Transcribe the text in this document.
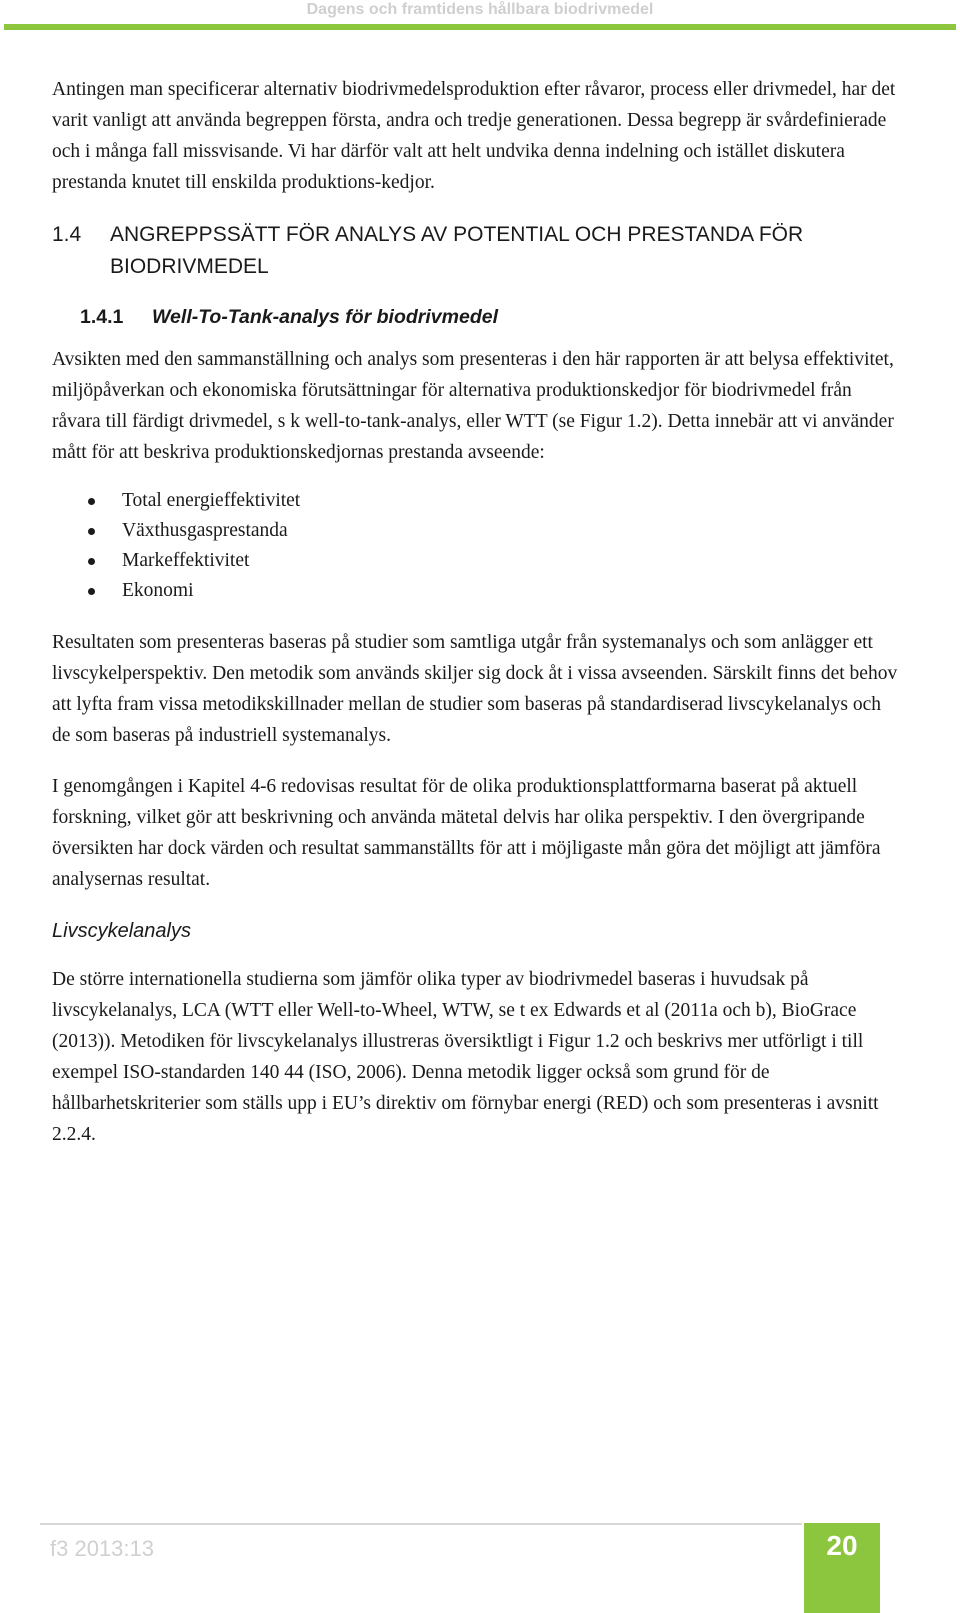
Dagens och framtidens hållbara biodrivmedel

Antingen man specificerar alternativ biodrivmedelsproduktion efter råvaror, process eller drivmedel, har det varit vanligt att använda begreppen första, andra och tredje generationen. Dessa begrepp är svårdefinierade och i många fall missvisande. Vi har därför valt att helt undvika denna indelning och istället diskutera prestanda knutet till enskilda produktions-kedjor.

1.4	ANGREPPSSÄTT FÖR ANALYS AV POTENTIAL OCH PRESTANDA FÖR BIODRIVMEDEL
1.4.1	Well-To-Tank-analys för biodrivmedel

Avsikten med den sammanställning och analys som presenteras i den här rapporten är att belysa effektivitet, miljöpåverkan och ekonomiska förutsättningar för alternativa produktionskedjor för biodrivmedel från råvara till färdigt drivmedel, s k well-to-tank-analys, eller WTT (se Figur 1.2). Detta innebär att vi använder mått för att beskriva produktionskedjornas prestanda avseende:

Total energieffektivitet
Växthusgasprestanda
Markeffektivitet
Ekonomi

Resultaten som presenteras baseras på studier som samtliga utgår från systemanalys och som anlägger ett livscykelperspektiv. Den metodik som används skiljer sig dock åt i vissa avseenden. Särskilt finns det behov att lyfta fram vissa metodikskillnader mellan de studier som baseras på standardiserad livscykelanalys och de som baseras på industriell systemanalys.

I genomgången i Kapitel 4-6 redovisas resultat för de olika produktionsplattformarna baserat på aktuell forskning, vilket gör att beskrivning och använda mätetal delvis har olika perspektiv. I den övergripande översikten har dock värden och resultat sammanställts för att i möjligaste mån göra det möjligt att jämföra analysernas resultat.

Livscykelanalys

De större internationella studierna som jämför olika typer av biodrivmedel baseras i huvudsak på livscykelanalys, LCA (WTT eller Well-to-Wheel, WTW, se t ex Edwards et al (2011a och b), BioGrace (2013)). Metodiken för livscykelanalys illustreras översiktligt i Figur 1.2 och beskrivs mer utförligt i till exempel ISO-standarden 140 44 (ISO, 2006). Denna metodik ligger också som grund för de hållbarhetskriterier som ställs upp i EU’s direktiv om förnybar energi (RED) och som presenteras i avsnitt 2.2.4.

f3 2013:13	20
